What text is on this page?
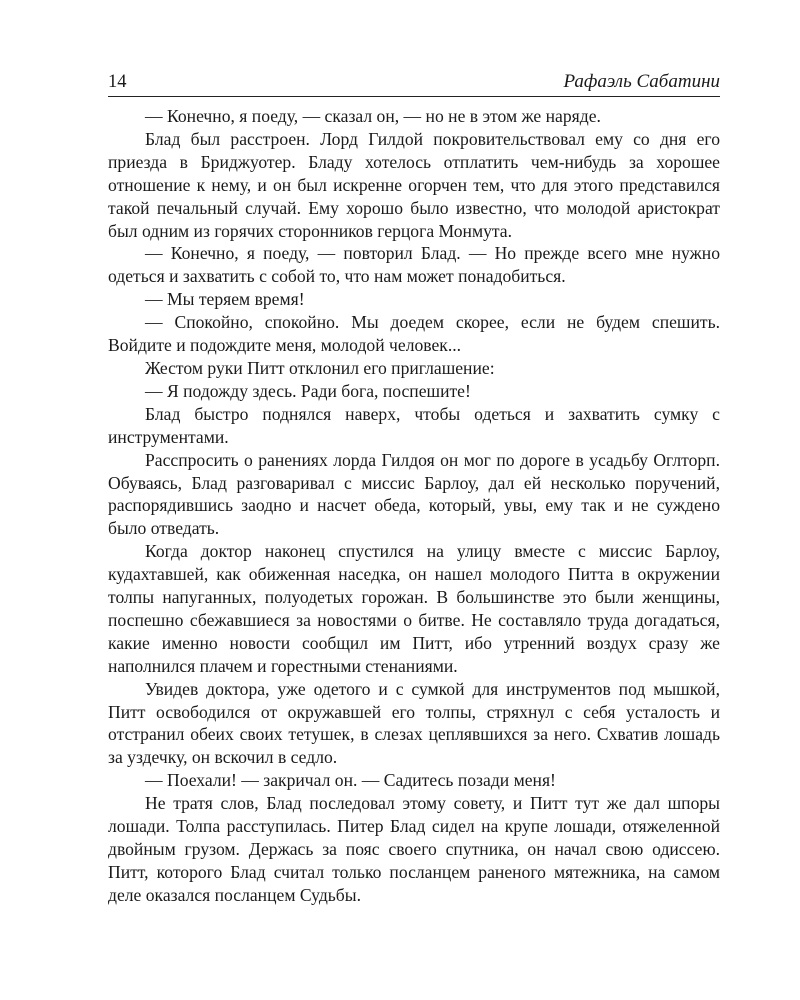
14	Рафаэль Сабатини

— Конечно, я поеду, — сказал он, — но не в этом же наряде.

Блад был расстроен. Лорд Гилдой покровительствовал ему со дня его приезда в Бриджуотер. Бладу хотелось отплатить чем-нибудь за хорошее отношение к нему, и он был искренне огорчен тем, что для этого представился такой печальный случай. Ему хорошо было известно, что молодой аристократ был одним из горячих сторонников герцога Монмута.

— Конечно, я поеду, — повторил Блад. — Но прежде всего мне нужно одеться и захватить с собой то, что нам может понадобиться.

— Мы теряем время!

— Спокойно, спокойно. Мы доедем скорее, если не будем спешить. Войдите и подождите меня, молодой человек...

Жестом руки Питт отклонил его приглашение:

— Я подожду здесь. Ради бога, поспешите!

Блад быстро поднялся наверх, чтобы одеться и захватить сумку с инструментами.

Расспросить о ранениях лорда Гилдоя он мог по дороге в усадьбу Оглторп. Обуваясь, Блад разговаривал с миссис Барлоу, дал ей несколько поручений, распорядившись заодно и насчет обеда, который, увы, ему так и не суждено было отведать.

Когда доктор наконец спустился на улицу вместе с миссис Барлоу, кудахтавшей, как обиженная наседка, он нашел молодого Питта в окружении толпы напуганных, полуодетых горожан. В большинстве это были женщины, поспешно сбежавшиеся за новостями о битве. Не составляло труда догадаться, какие именно новости сообщил им Питт, ибо утренний воздух сразу же наполнился плачем и горестными стенаниями.

Увидев доктора, уже одетого и с сумкой для инструментов под мышкой, Питт освободился от окружавшей его толпы, стряхнул с себя усталость и отстранил обеих своих тетушек, в слезах цеплявшихся за него. Схватив лошадь за уздечку, он вскочил в седло.

— Поехали! — закричал он. — Садитесь позади меня!

Не тратя слов, Блад последовал этому совету, и Питт тут же дал шпоры лошади. Толпа расступилась. Питер Блад сидел на крупе лошади, отяжеленной двойным грузом. Держась за пояс своего спутника, он начал свою одиссею. Питт, которого Блад считал только посланцем раненого мятежника, на самом деле оказался посланцем Судьбы.
